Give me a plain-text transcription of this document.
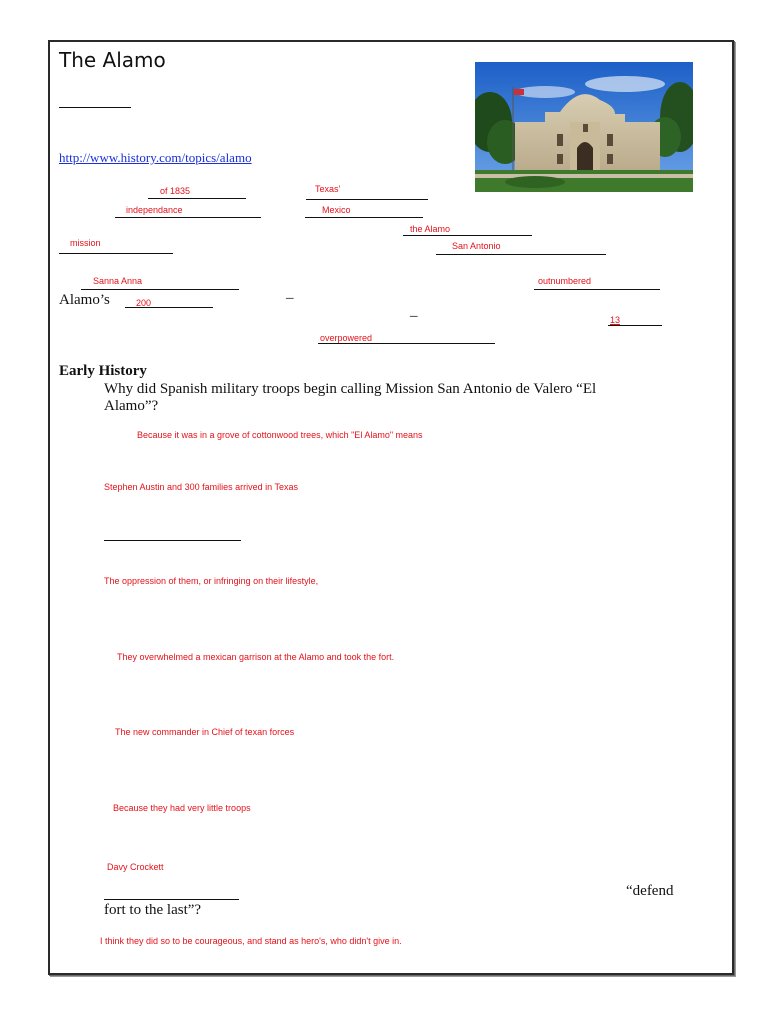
The Alamo
http://www.history.com/topics/alamo
of 1835	Texas’
independance	Mexico
the Alamo
mission	San Antonio
Sanna Anna	outnumbered
Alamo’s	200	–
–	13
overpowered
Early History
Why did Spanish military troops begin calling Mission San Antonio de Valero “El
Alamo”?
Because it was in a grove of cottonwood trees, which "El Alamo" means
Stephen Austin and 300 families arrived in Texas
The oppression of them, or infringing on their lifestyle,
They overwhelmed a mexican garrison at the Alamo and took the fort.
The new commander in Chief of texan forces
Because they had very little troops
Davy Crockett
“defend
fort to the last”?
I think they did so to be courageous, and stand as hero's, who didn't give in.
